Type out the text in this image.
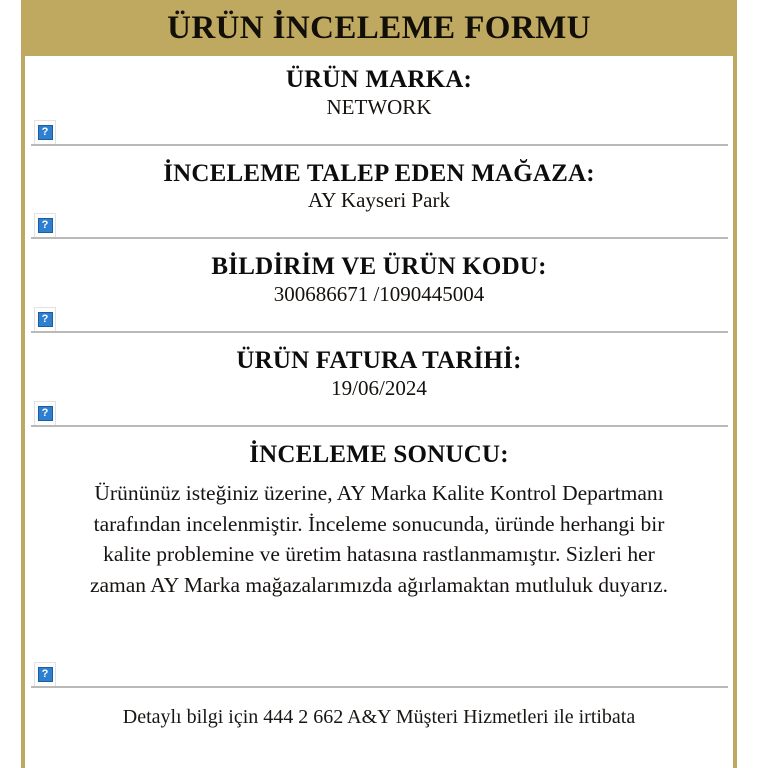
ÜRÜN İNCELEME FORMU

ÜRÜN MARKA:

NETWORK

?

İNCELEME TALEP EDEN MAĞAZA:

AY Kayseri Park

?

BİLDİRİM VE ÜRÜN KODU:

300686671 /1090445004

?

ÜRÜN FATURA TARİHİ:

19/06/2024

?

İNCELEME SONUCU:

Ürününüz isteğiniz üzerine, AY Marka Kalite Kontrol Departmanı tarafından incelenmiştir. İnceleme sonucunda, üründe herhangi bir kalite problemine ve üretim hatasına rastlanmamıştır. Sizleri her zaman AY Marka mağazalarımızda ağırlamaktan mutluluk duyarız.

?

Detaylı bilgi için 444 2 662 A&Y Müşteri Hizmetleri ile irtibata
